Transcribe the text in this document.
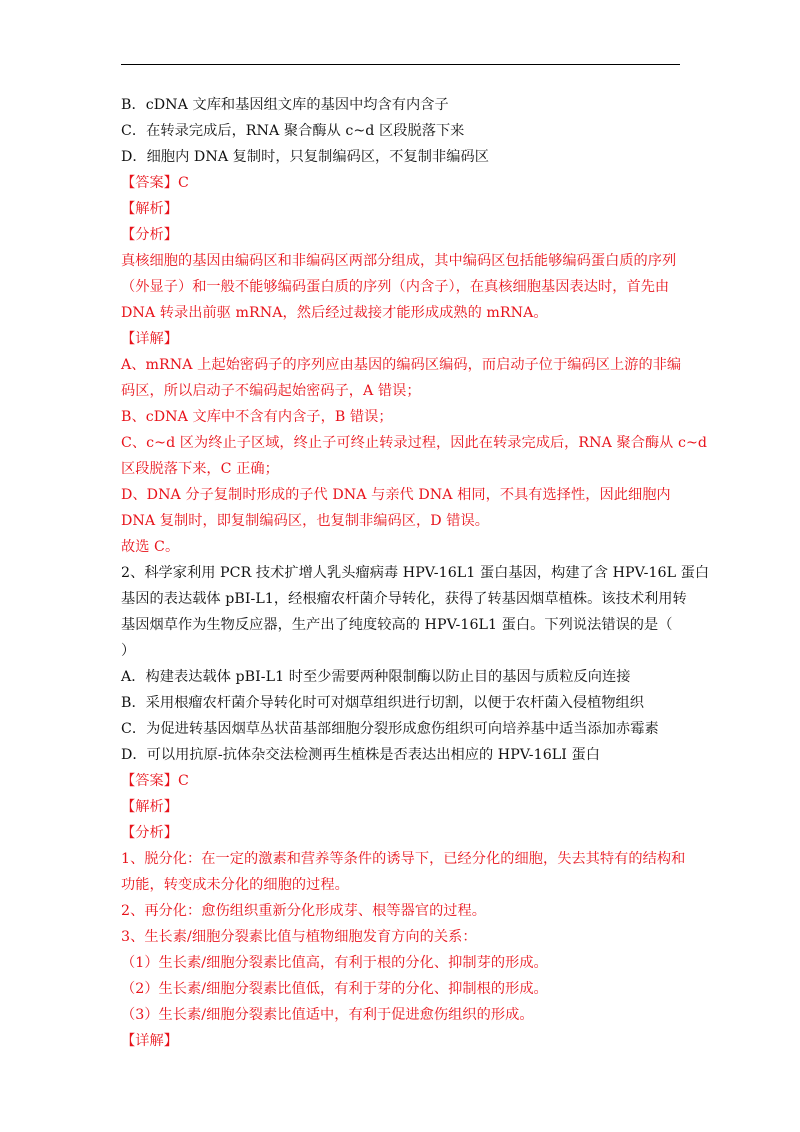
B．cDNA 文库和基因组文库的基因中均含有内含子
C．在转录完成后，RNA 聚合酶从 c~d 区段脱落下来
D．细胞内 DNA 复制时，只复制编码区，不复制非编码区
【答案】C
【解析】
【分析】
真核细胞的基因由编码区和非编码区两部分组成，其中编码区包括能够编码蛋白质的序列
（外显子）和一般不能够编码蛋白质的序列（内含子），在真核细胞基因表达时，首先由
DNA 转录出前驱 mRNA，然后经过裁接才能形成成熟的 mRNA。
【详解】
A、mRNA 上起始密码子的序列应由基因的编码区编码，而启动子位于编码区上游的非编
码区，所以启动子不编码起始密码子，A 错误；
B、cDNA 文库中不含有内含子，B 错误；
C、c~d 区为终止子区域，终止子可终止转录过程，因此在转录完成后，RNA 聚合酶从 c~d
区段脱落下来，C 正确；
D、DNA 分子复制时形成的子代 DNA 与亲代 DNA 相同，不具有选择性，因此细胞内
DNA 复制时，即复制编码区，也复制非编码区，D 错误。
故选 C。
2、科学家利用 PCR 技术扩增人乳头瘤病毒 HPV-16L1 蛋白基因，构建了含 HPV-16L 蛋白
基因的表达载体 pBI-L1，经根瘤农杆菌介导转化，获得了转基因烟草植株。该技术利用转
基因烟草作为生物反应器，生产出了纯度较高的 HPV-16L1 蛋白。下列说法错误的是（
）
A．构建表达载体 pBI-L1 时至少需要两种限制酶以防止目的基因与质粒反向连接
B．采用根瘤农杆菌介导转化时可对烟草组织进行切割，以便于农杆菌入侵植物组织
C．为促进转基因烟草丛状苗基部细胞分裂形成愈伤组织可向培养基中适当添加赤霉素
D．可以用抗原-抗体杂交法检测再生植株是否表达出相应的 HPV-16LI 蛋白
【答案】C
【解析】
【分析】
1、脱分化：在一定的激素和营养等条件的诱导下，已经分化的细胞，失去其特有的结构和
功能，转变成未分化的细胞的过程。
2、再分化：愈伤组织重新分化形成芽、根等器官的过程。
3、生长素/细胞分裂素比值与植物细胞发育方向的关系：
（1）生长素/细胞分裂素比值高，有利于根的分化、抑制芽的形成。
（2）生长素/细胞分裂素比值低，有利于芽的分化、抑制根的形成。
（3）生长素/细胞分裂素比值适中，有利于促进愈伤组织的形成。
【详解】
